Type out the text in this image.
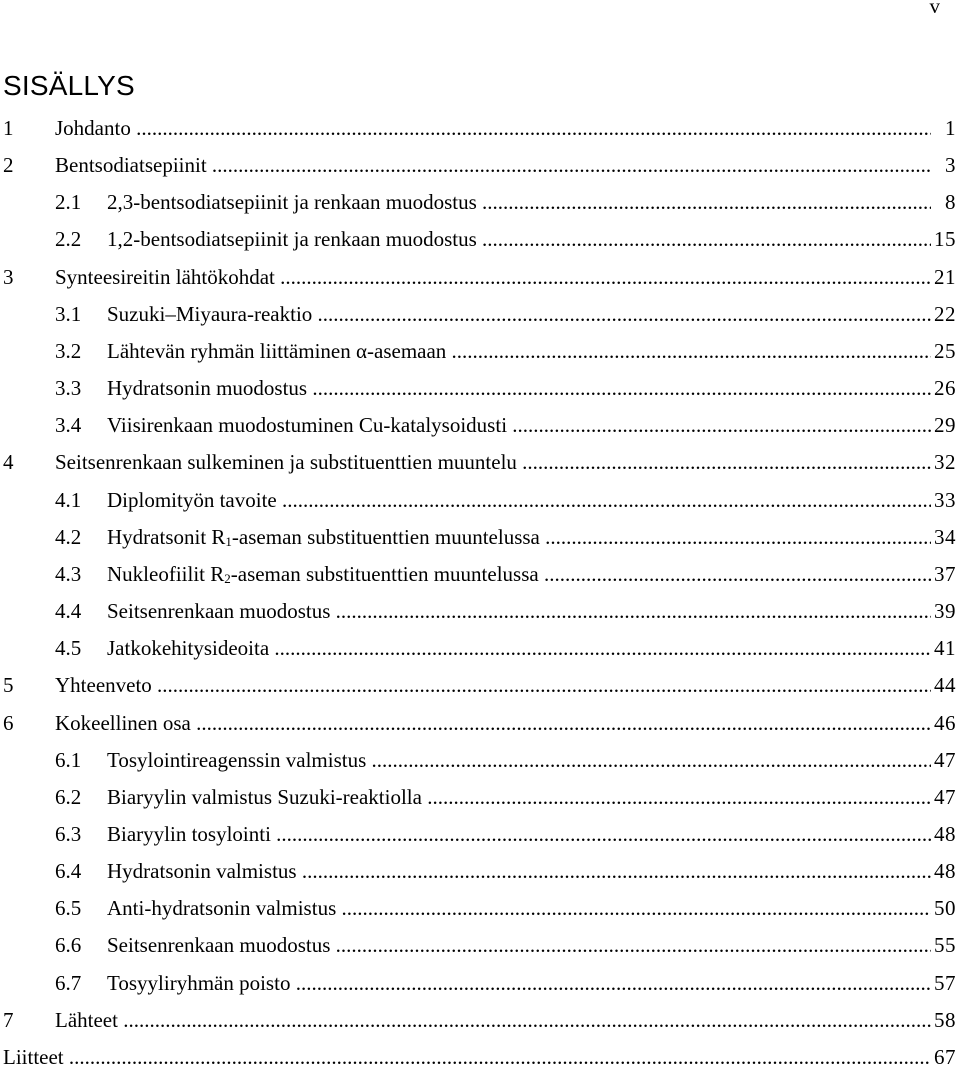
v
SISÄLLYS
1 Johdanto .....	1
2 Bentsodiatsepiinit .....	3
2.1 2,3-bentsodiatsepiinit ja renkaan muodostus .....	8
2.2 1,2-bentsodiatsepiinit ja renkaan muodostus .....	15
3 Synteesireitin lähtökohdat .....	21
3.1 Suzuki–Miyaura-reaktio .....	22
3.2 Lähtevän ryhmän liittäminen α-asemaan .....	25
3.3 Hydratsonin muodostus .....	26
3.4 Viisirenkaan muodostuminen Cu-katalysoidusti .....	29
4 Seitsenrenkaan sulkeminen ja substituenttien muuntelu .....	32
4.1 Diplomityön tavoite .....	33
4.2 Hydratsonit $R_1$-aseman substituenttien muuntelussa .....	34
4.3 Nukleofiilit $R_2$-aseman substituenttien muuntelussa .....	37
4.4 Seitsenrenkaan muodostus .....	39
4.5 Jatkokehitysideoita .....	41
5 Yhteenveto .....	44
6 Kokeellinen osa .....	46
6.1 Tosylointireagenssin valmistus .....	47
6.2 Biaryylin valmistus Suzuki-reaktiolla .....	47
6.3 Biaryylin tosylointi .....	48
6.4 Hydratsonin valmistus .....	48
6.5 Anti-hydratsonin valmistus .....	50
6.6 Seitsenrenkaan muodostus .....	55
6.7 Tosyyliryhmän poisto .....	57
7 Lähteet .....	58
Liitteet .....	67
